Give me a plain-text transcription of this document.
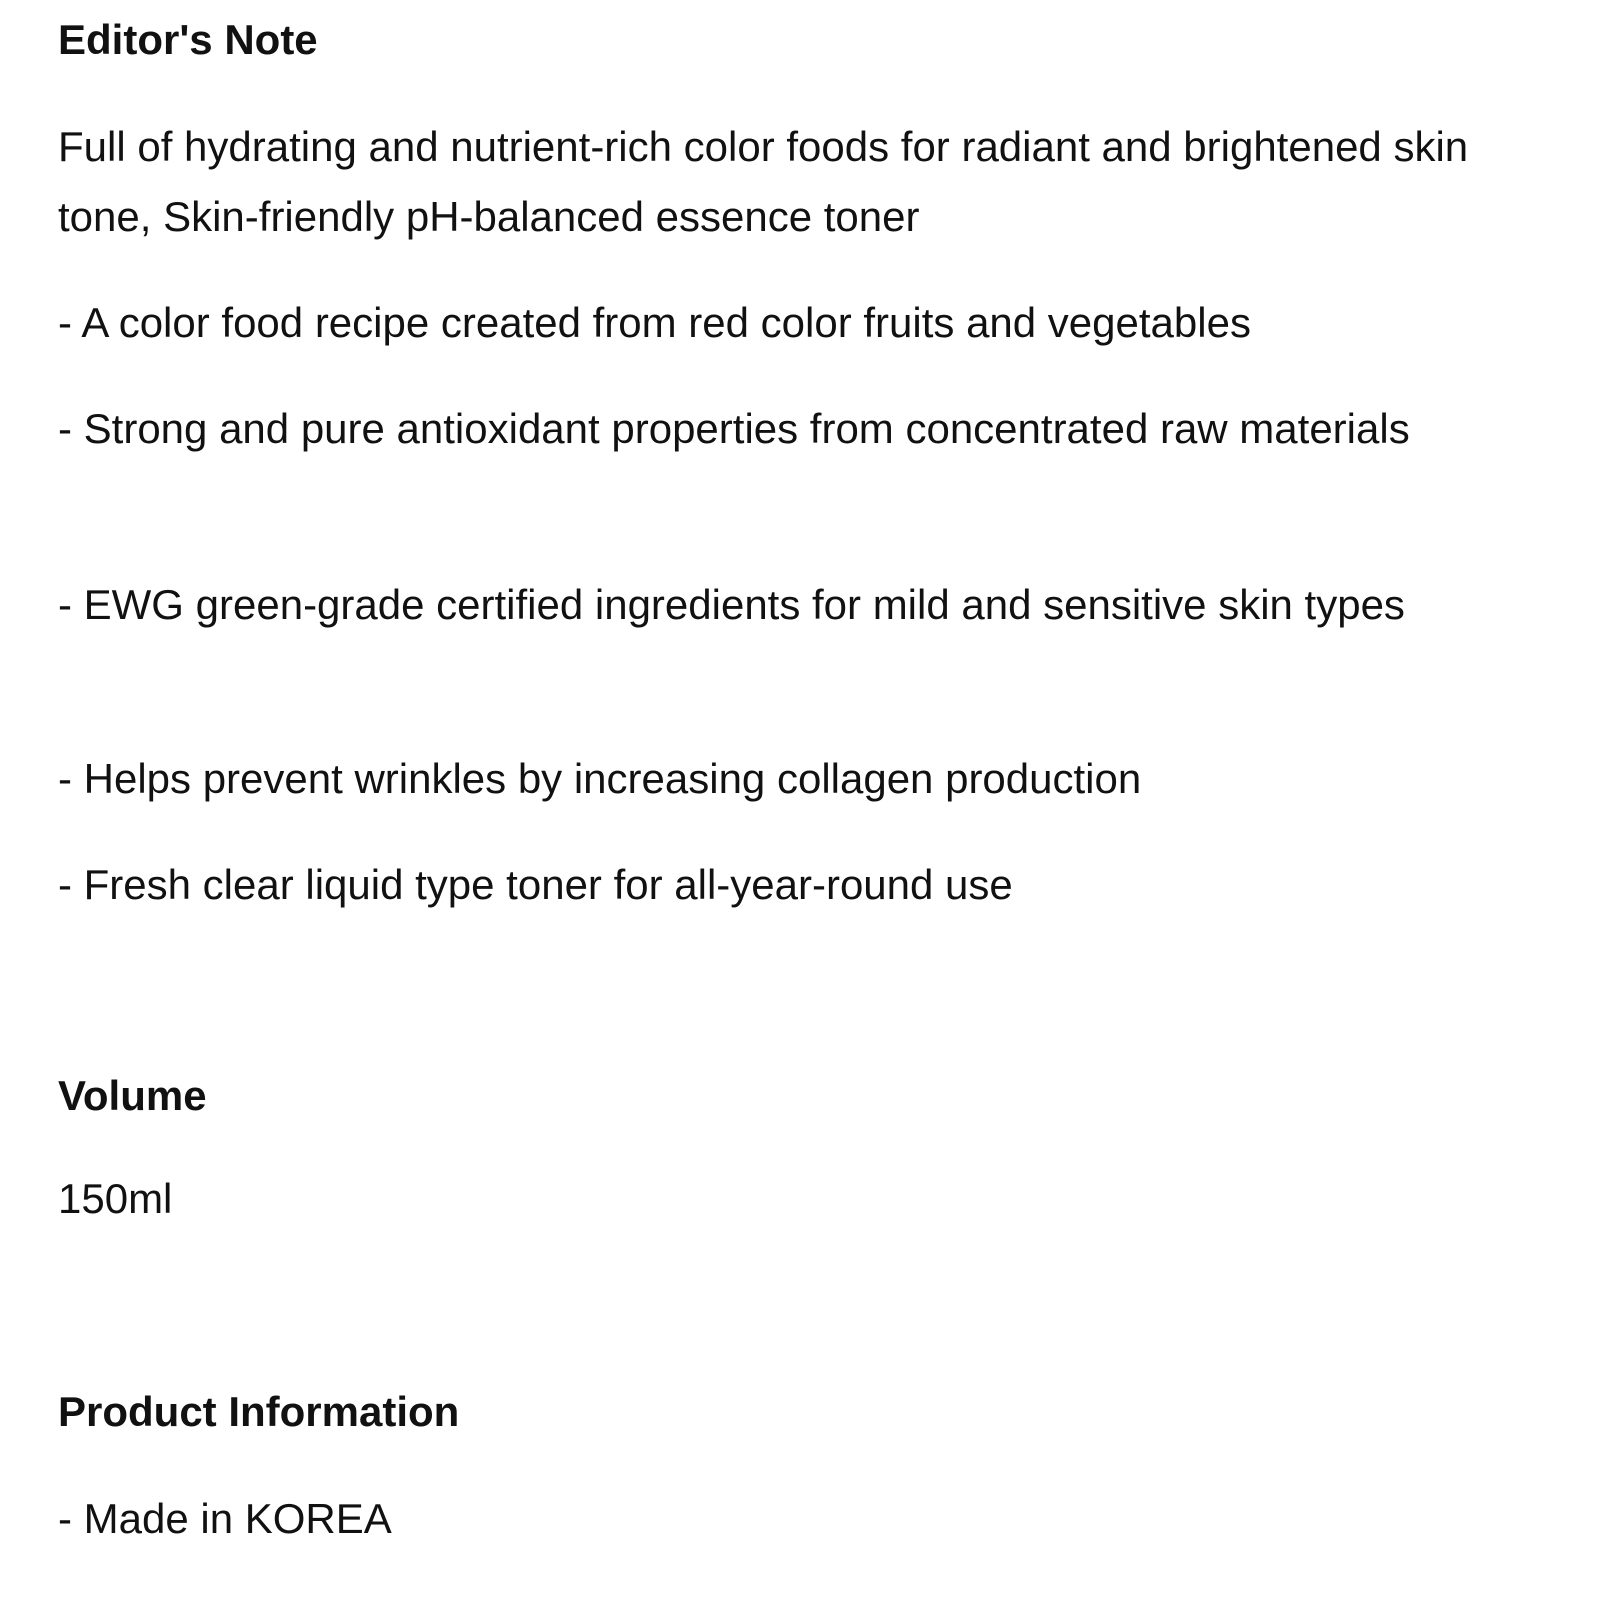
Editor's Note

Full of hydrating and nutrient-rich color foods for radiant and brightened skin tone, Skin-friendly pH-balanced essence toner

- A color food recipe created from red color fruits and vegetables

- Strong and pure antioxidant properties from concentrated raw materials

- EWG green-grade certified ingredients for mild and sensitive skin types

- Helps prevent wrinkles by increasing collagen production

- Fresh clear liquid type toner for all-year-round use

Volume

150ml

Product Information

- Made in KOREA
